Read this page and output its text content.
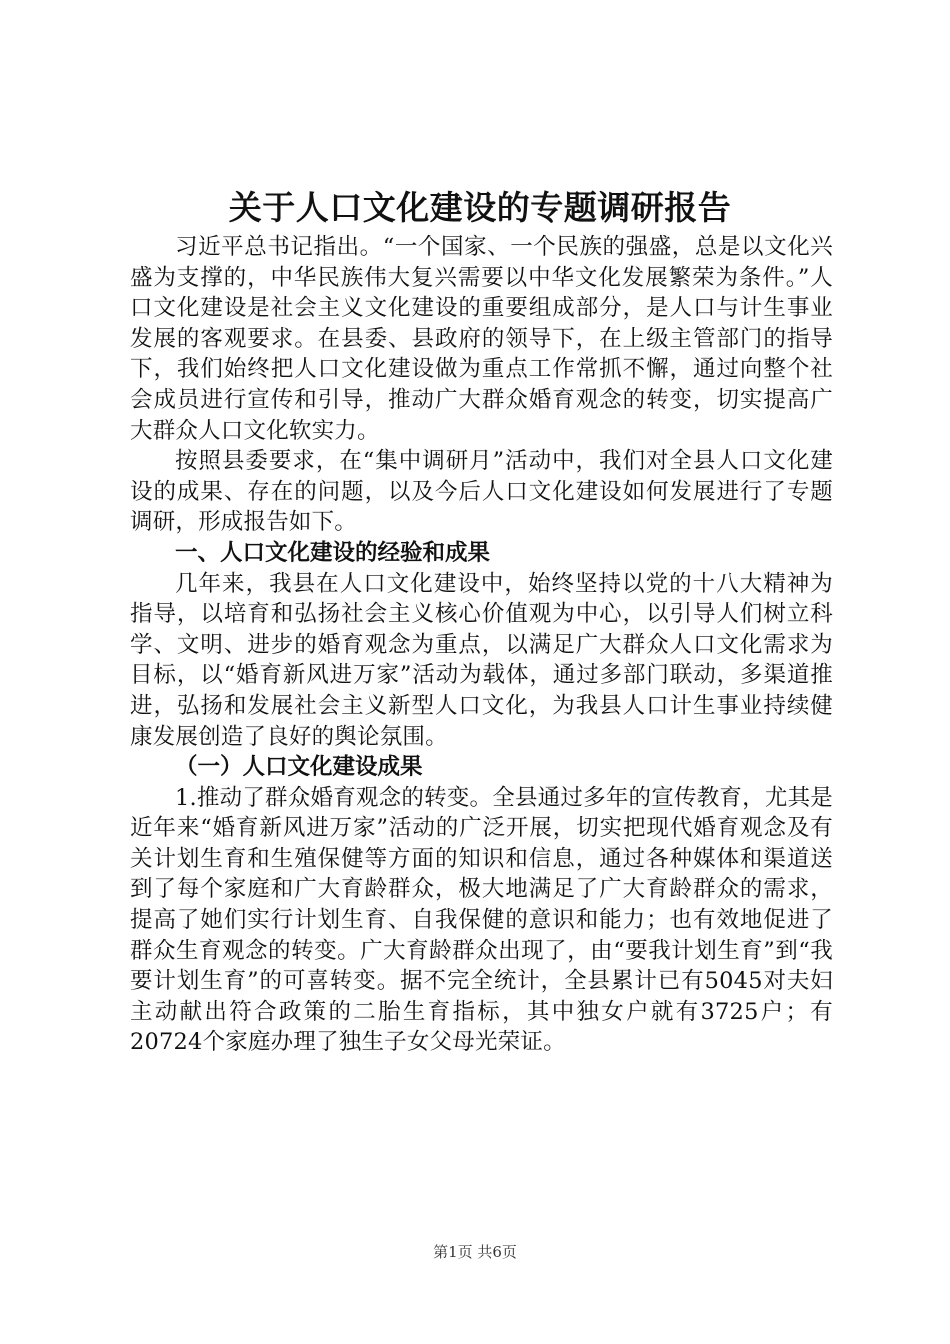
关于人口文化建设的专题调研报告

习近平总书记指出。“一个国家、一个民族的强盛，总是以文化兴盛为支撑的，中华民族伟大复兴需要以中华文化发展繁荣为条件。”人口文化建设是社会主义文化建设的重要组成部分，是人口与计生事业发展的客观要求。在县委、县政府的领导下，在上级主管部门的指导下，我们始终把人口文化建设做为重点工作常抓不懈，通过向整个社会成员进行宣传和引导，推动广大群众婚育观念的转变，切实提高广大群众人口文化软实力。

按照县委要求，在“集中调研月”活动中，我们对全县人口文化建设的成果、存在的问题，以及今后人口文化建设如何发展进行了专题调研，形成报告如下。

一、人口文化建设的经验和成果

几年来，我县在人口文化建设中，始终坚持以党的十八大精神为指导，以培育和弘扬社会主义核心价值观为中心，以引导人们树立科学、文明、进步的婚育观念为重点，以满足广大群众人口文化需求为目标，以“婚育新风进万家”活动为载体，通过多部门联动，多渠道推进，弘扬和发展社会主义新型人口文化，为我县人口计生事业持续健康发展创造了良好的舆论氛围。

（一）人口文化建设成果

1.推动了群众婚育观念的转变。全县通过多年的宣传教育，尤其是近年来“婚育新风进万家”活动的广泛开展，切实把现代婚育观念及有关计划生育和生殖保健等方面的知识和信息，通过各种媒体和渠道送到了每个家庭和广大育龄群众，极大地满足了广大育龄群众的需求，提高了她们实行计划生育、自我保健的意识和能力；也有效地促进了群众生育观念的转变。广大育龄群众出现了，由“要我计划生育”到“我要计划生育”的可喜转变。据不完全统计，全县累计已有5045对夫妇主动献出符合政策的二胎生育指标，其中独女户就有3725户；有20724个家庭办理了独生子女父母光荣证。

第1页 共6页
